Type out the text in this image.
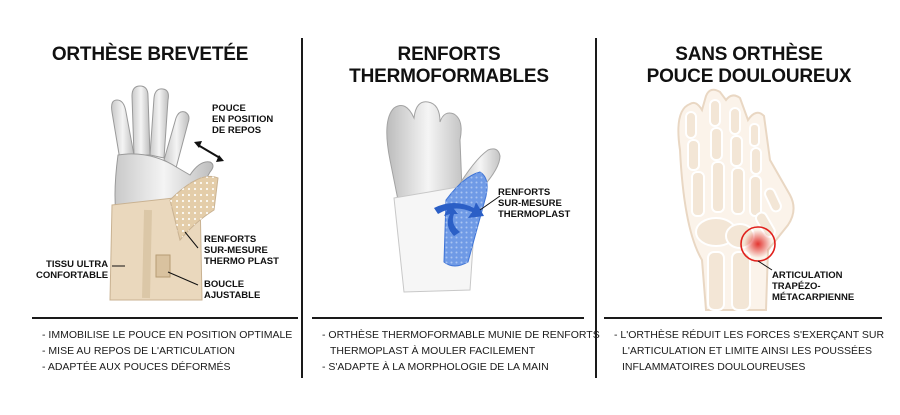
ORTHÈSE BREVETÉE
POUCE
EN POSITION
DE REPOS
TISSU ULTRA
CONFORTABLE
RENFORTS
SUR-MESURE
THERMO PLAST
BOUCLE
AJUSTABLE
- IMMOBILISE LE POUCE EN POSITION OPTIMALE
- MISE AU REPOS DE L'ARTICULATION
- ADAPTÉE AUX POUCES DÉFORMÉS
RENFORTS
THERMOFORMABLES
RENFORTS
SUR-MESURE
THERMOPLAST
- ORTHÈSE THERMOFORMABLE MUNIE DE RENFORTS
THERMOPLAST À MOULER FACILEMENT
- S'ADAPTE À LA MORPHOLOGIE DE LA MAIN
SANS ORTHÈSE
POUCE DOULOUREUX
ARTICULATION
TRAPÉZO-
MÉTACARPIENNE
- L'ORTHÈSE RÉDUIT LES FORCES S'EXERÇANT SUR
L'ARTICULATION ET LIMITE AINSI LES POUSSÉES
INFLAMMATOIRES DOULOUREUSES
